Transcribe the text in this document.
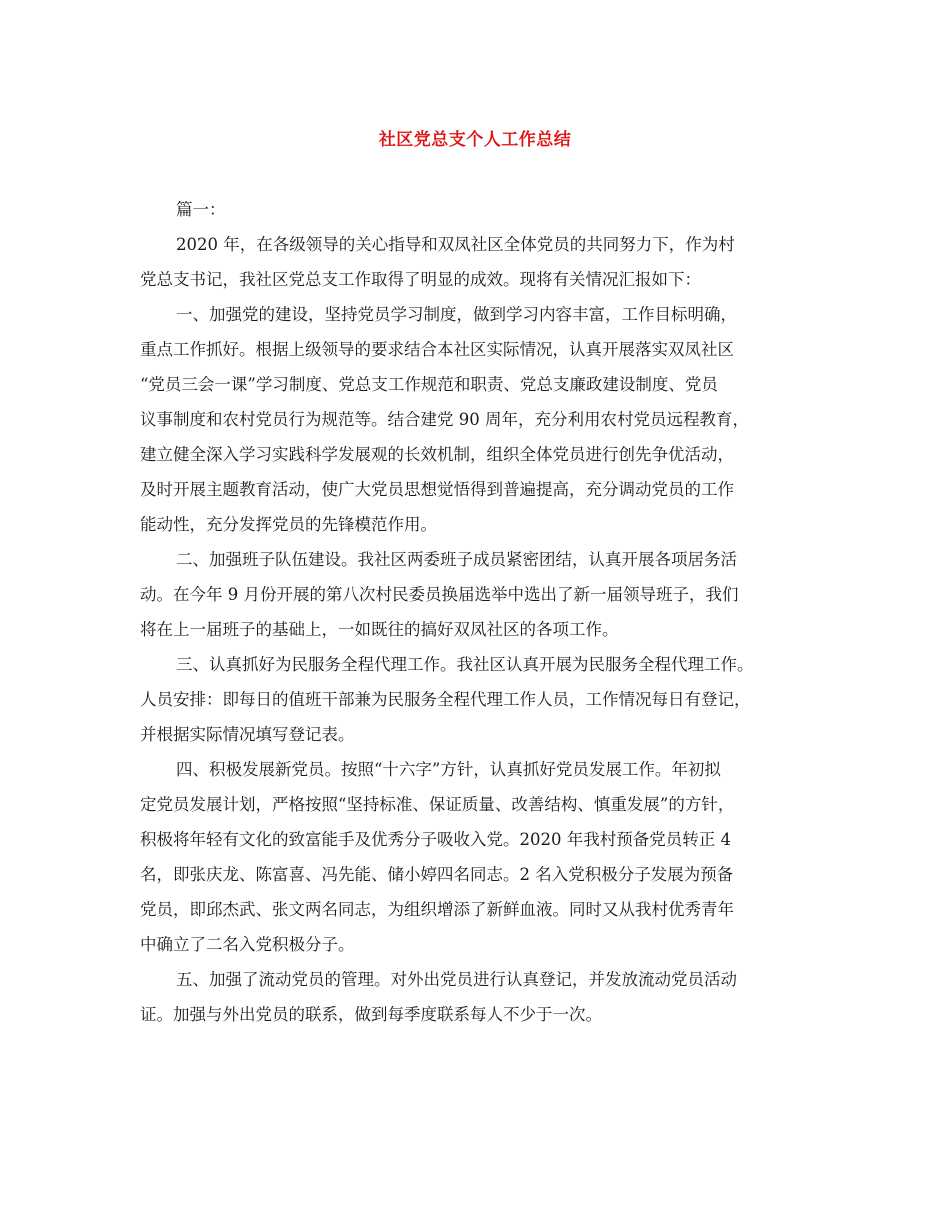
社区党总支个人工作总结
篇一：
2020 年，在各级领导的关心指导和双凤社区全体党员的共同努力下，作为村
党总支书记，我社区党总支工作取得了明显的成效。现将有关情况汇报如下：
一、加强党的建设，坚持党员学习制度，做到学习内容丰富，工作目标明确，
重点工作抓好。根据上级领导的要求结合本社区实际情况，认真开展落实双凤社区
“党员三会一课”学习制度、党总支工作规范和职责、党总支廉政建设制度、党员
议事制度和农村党员行为规范等。结合建党 90 周年，充分利用农村党员远程教育，
建立健全深入学习实践科学发展观的长效机制，组织全体党员进行创先争优活动，
及时开展主题教育活动，使广大党员思想觉悟得到普遍提高，充分调动党员的工作
能动性，充分发挥党员的先锋模范作用。
二、加强班子队伍建设。我社区两委班子成员紧密团结，认真开展各项居务活
动。在今年 9 月份开展的第八次村民委员换届选举中选出了新一届领导班子，我们
将在上一届班子的基础上，一如既往的搞好双凤社区的各项工作。
三、认真抓好为民服务全程代理工作。我社区认真开展为民服务全程代理工作。
人员安排：即每日的值班干部兼为民服务全程代理工作人员，工作情况每日有登记，
并根据实际情况填写登记表。
四、积极发展新党员。按照“十六字”方针，认真抓好党员发展工作。年初拟
定党员发展计划，严格按照“坚持标准、保证质量、改善结构、慎重发展”的方针，
积极将年轻有文化的致富能手及优秀分子吸收入党。2020 年我村预备党员转正 4
名，即张庆龙、陈富喜、冯先能、储小婷四名同志。2 名入党积极分子发展为预备
党员，即邱杰武、张文两名同志，为组织增添了新鲜血液。同时又从我村优秀青年
中确立了二名入党积极分子。
五、加强了流动党员的管理。对外出党员进行认真登记，并发放流动党员活动
证。加强与外出党员的联系，做到每季度联系每人不少于一次。
